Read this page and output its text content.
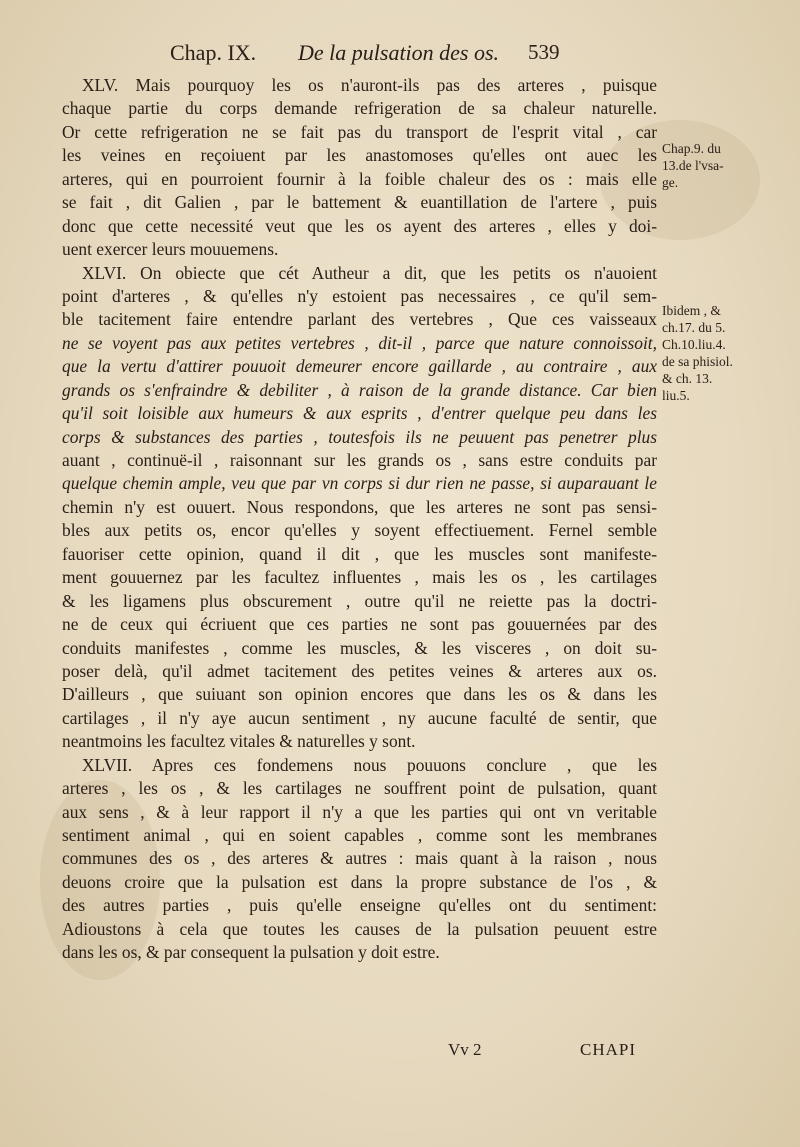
Chap. IX. De la pulsation des os. 539
XLV. Mais pourquoy les os n'auront-ils pas des arteres , puisque
chaque partie du corps demande refrigeration de sa chaleur naturelle.
Or cette refrigeration ne se fait pas du transport de l'esprit vital , car
les veines en reçoiuent par les anastomoses qu'elles ont auec les
arteres, qui en pourroient fournir à la foible chaleur des os : mais elle
se fait , dit Galien , par le battement & euantillation de l'artere , puis
donc que cette necessité veut que les os ayent des arteres , elles y doi-
uent exercer leurs mouuemens.
XLVI. On obiecte que cét Autheur a dit, que les petits os n'auoient
point d'arteres , & qu'elles n'y estoient pas necessaires , ce qu'il sem-
ble tacitement faire entendre parlant des vertebres , Que ces vaisseaux
ne se voyent pas aux petites vertebres , dit-il , parce que nature connoissoit,
que la vertu d'attirer pouuoit demeurer encore gaillarde , au contraire , aux
grands os s'enfraindre & debiliter , à raison de la grande distance. Car bien
qu'il soit loisible aux humeurs & aux esprits , d'entrer quelque peu dans les
corps & substances des parties , toutesfois ils ne peuuent pas penetrer plus
auant , continuë-il , raisonnant sur les grands os , sans estre conduits par
quelque chemin ample, veu que par vn corps si dur rien ne passe, si auparauant le
chemin n'y est ouuert. Nous respondons, que les arteres ne sont pas sensi-
bles aux petits os, encor qu'elles y soyent effectiuement. Fernel semble
fauoriser cette opinion, quand il dit , que les muscles sont manifeste-
ment gouuernez par les facultez influentes , mais les os , les cartilages
& les ligamens plus obscurement , outre qu'il ne reiette pas la doctri-
ne de ceux qui écriuent que ces parties ne sont pas gouuernées par des
conduits manifestes , comme les muscles, & les visceres , on doit su-
poser delà, qu'il admet tacitement des petites veines & arteres aux os.
D'ailleurs , que suiuant son opinion encores que dans les os & dans les
cartilages , il n'y aye aucun sentiment , ny aucune faculté de sentir, que
neantmoins les facultez vitales & naturelles y sont.
XLVII. Apres ces fondemens nous pouuons conclure , que les
arteres , les os , & les cartilages ne souffrent point de pulsation, quant
aux sens , & à leur rapport il n'y a que les parties qui ont vn veritable
sentiment animal , qui en soient capables , comme sont les membranes
communes des os , des arteres & autres : mais quant à la raison , nous
deuons croire que la pulsation est dans la propre substance de l'os , &
des autres parties , puis qu'elle enseigne qu'elles ont du sentiment:
Adioustons à cela que toutes les causes de la pulsation peuuent estre
dans les os, & par consequent la pulsation y doit estre.
Chap.9. du
13.de l'vsa-
ge.
Ibidem , &
ch.17. du 5.
Ch.10.liu.4.
de sa phisiol.
& ch. 13.
liu.5.
Vv 2	CHAPI
